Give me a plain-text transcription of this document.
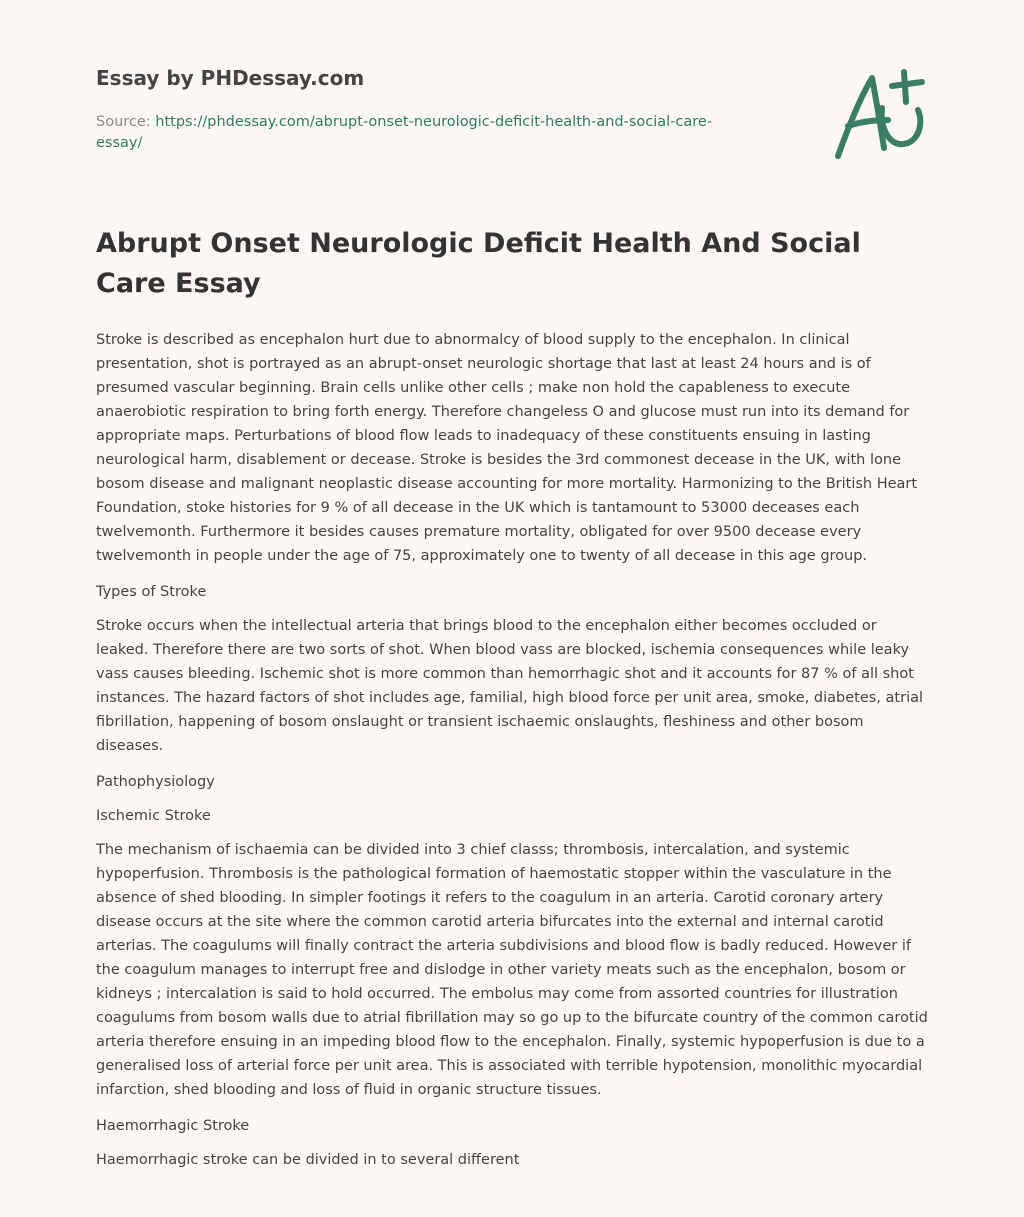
Essay by PHDessay.com
Source: https://phdessay.com/abrupt-onset-neurologic-deficit-health-and-social-care-essay/
Abrupt Onset Neurologic Deficit Health And Social Care Essay

Stroke is described as encephalon hurt due to abnormalcy of blood supply to the encephalon. In clinical presentation, shot is portrayed as an abrupt-onset neurologic shortage that last at least 24 hours and is of presumed vascular beginning. Brain cells unlike other cells ; make non hold the capableness to execute anaerobiotic respiration to bring forth energy. Therefore changeless O and glucose must run into its demand for appropriate maps. Perturbations of blood flow leads to inadequacy of these constituents ensuing in lasting neurological harm, disablement or decease. Stroke is besides the 3rd commonest decease in the UK, with lone bosom disease and malignant neoplastic disease accounting for more mortality. Harmonizing to the British Heart Foundation, stoke histories for 9 % of all decease in the UK which is tantamount to 53000 deceases each twelvemonth. Furthermore it besides causes premature mortality, obligated for over 9500 decease every twelvemonth in people under the age of 75, approximately one to twenty of all decease in this age group.

Types of Stroke

Stroke occurs when the intellectual arteria that brings blood to the encephalon either becomes occluded or leaked. Therefore there are two sorts of shot. When blood vass are blocked, ischemia consequences while leaky vass causes bleeding. Ischemic shot is more common than hemorrhagic shot and it accounts for 87 % of all shot instances. The hazard factors of shot includes age, familial, high blood force per unit area, smoke, diabetes, atrial fibrillation, happening of bosom onslaught or transient ischaemic onslaughts, fleshiness and other bosom diseases.

Pathophysiology

Ischemic Stroke

The mechanism of ischaemia can be divided into 3 chief classs; thrombosis, intercalation, and systemic hypoperfusion. Thrombosis is the pathological formation of haemostatic stopper within the vasculature in the absence of shed blooding. In simpler footings it refers to the coagulum in an arteria. Carotid coronary artery disease occurs at the site where the common carotid arteria bifurcates into the external and internal carotid arterias. The coagulums will finally contract the arteria subdivisions and blood flow is badly reduced. However if the coagulum manages to interrupt free and dislodge in other variety meats such as the encephalon, bosom or kidneys ; intercalation is said to hold occurred. The embolus may come from assorted countries for illustration coagulums from bosom walls due to atrial fibrillation may so go up to the bifurcate country of the common carotid arteria therefore ensuing in an impeding blood flow to the encephalon. Finally, systemic hypoperfusion is due to a generalised loss of arterial force per unit area. This is associated with terrible hypotension, monolithic myocardial infarction, shed blooding and loss of fluid in organic structure tissues.

Haemorrhagic Stroke

Haemorrhagic stroke can be divided in to several different
